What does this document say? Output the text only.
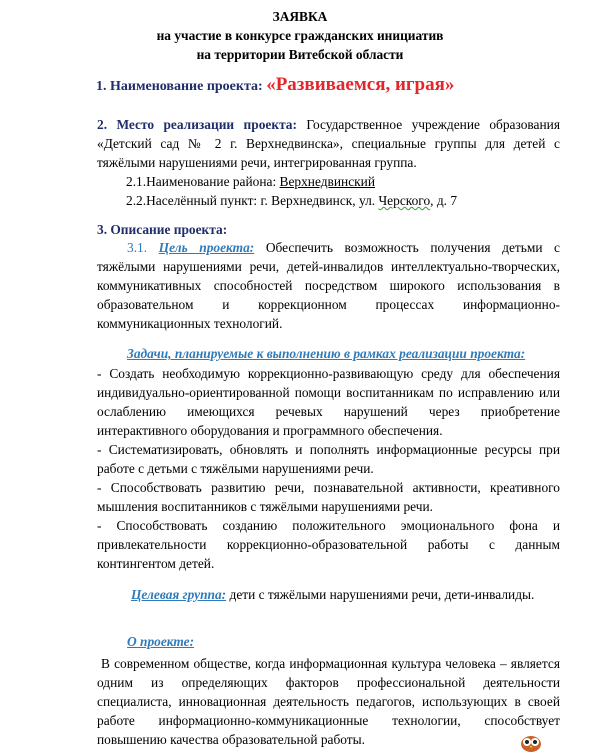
ЗАЯВКА
на участие в конкурсе гражданских инициатив
на территории Витебской области
1. Наименование проекта: «Развиваемся, играя»
2. Место реализации проекта: Государственное учреждение образования «Детский сад № 2 г. Верхнедвинска», специальные группы для детей с тяжёлыми нарушениями речи, интегрированная группа.
2.1.Наименование района: Верхнедвинский
2.2.Населённый пункт: г. Верхнедвинск, ул. Черского, д. 7
3. Описание проекта:
3.1. Цель проекта: Обеспечить возможность получения детьми с тяжёлыми нарушениями речи, детей-инвалидов интеллектуально-творческих, коммуникативных способностей посредством широкого использования в образовательном и коррекционном процессах информационно-коммуникационных технологий.
Задачи, планируемые к выполнению в рамках реализации проекта:
- Создать необходимую коррекционно-развивающую среду для обеспечения индивидуально-ориентированной помощи воспитанникам по исправлению или ослаблению имеющихся речевых нарушений через приобретение интерактивного оборудования и программного обеспечения.
- Систематизировать, обновлять и пополнять информационные ресурсы при работе с детьми с тяжёлыми нарушениями речи.
- Способствовать развитию речи, познавательной активности, креативного мышления воспитанников с тяжёлыми нарушениями речи.
- Способствовать созданию положительного эмоционального фона и привлекательности коррекционно-образовательной работы с данным контингентом детей.
Целевая группа: дети с тяжёлыми нарушениями речи, дети-инвалиды.
О проекте:
В современном обществе, когда информационная культура человека – является одним из определяющих факторов профессиональной деятельности специалиста, инновационная деятельность педагогов, использующих в своей работе информационно-коммуникационные технологии, способствует повышению качества образовательной работы.
